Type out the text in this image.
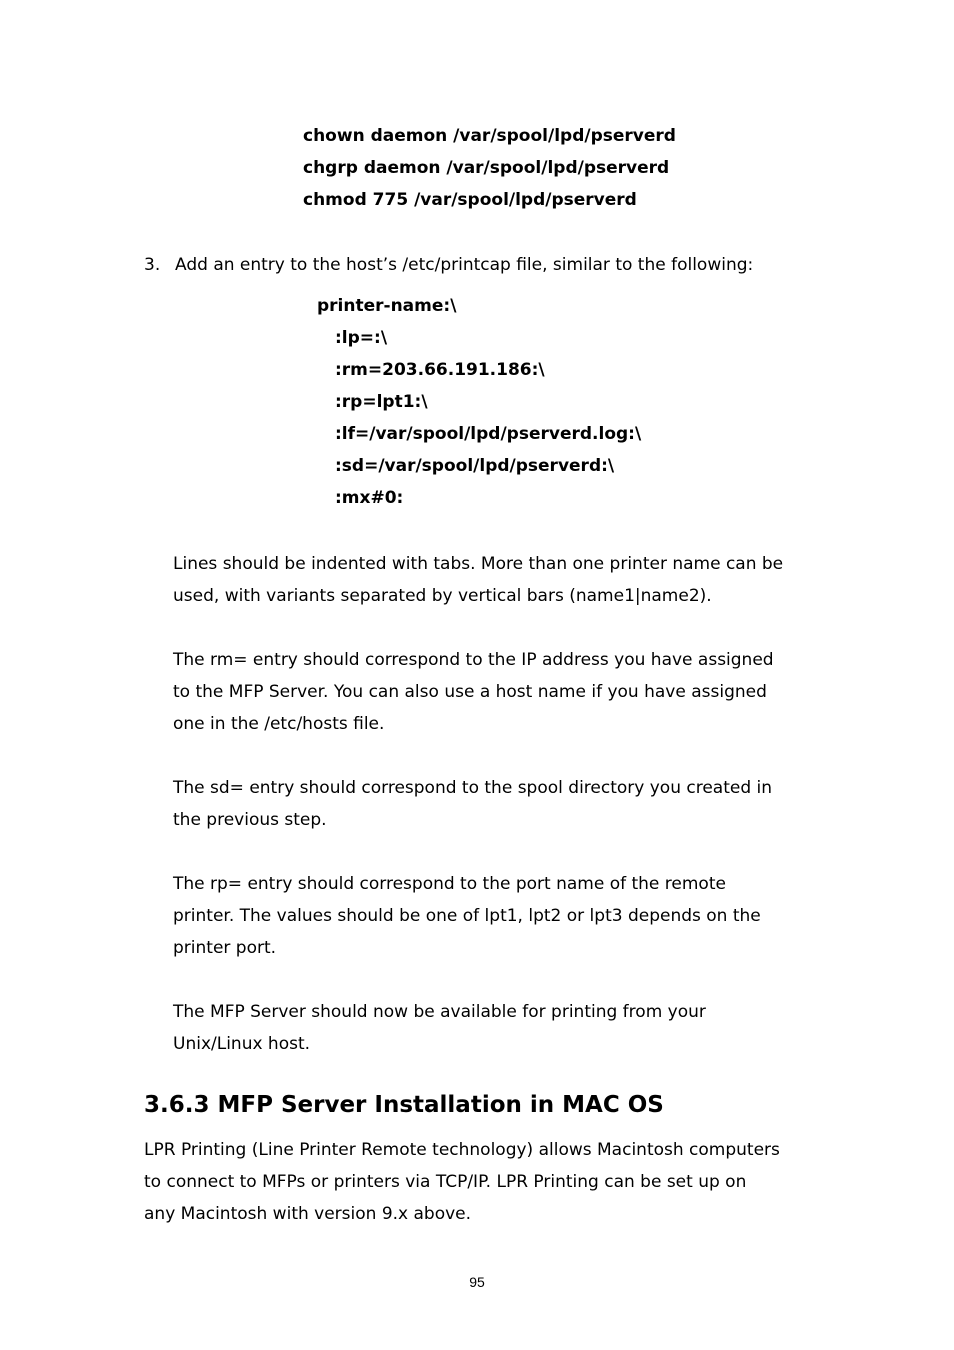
chown daemon /var/spool/lpd/pserverd
chgrp daemon /var/spool/lpd/pserverd
chmod 775 /var/spool/lpd/pserverd
3. Add an entry to the host’s /etc/printcap file, similar to the following:
printer-name:\
:lp=:\
:rm=203.66.191.186:\
:rp=lpt1:\
:lf=/var/spool/lpd/pserverd.log:\
:sd=/var/spool/lpd/pserverd:\
:mx#0:
Lines should be indented with tabs. More than one printer name can be
used, with variants separated by vertical bars (name1|name2).
The rm= entry should correspond to the IP address you have assigned
to the MFP Server. You can also use a host name if you have assigned
one in the /etc/hosts file.
The sd= entry should correspond to the spool directory you created in
the previous step.
The rp= entry should correspond to the port name of the remote
printer. The values should be one of lpt1, lpt2 or lpt3 depends on the
printer port.
The MFP Server should now be available for printing from your
Unix/Linux host.
3.6.3 MFP Server Installation in MAC OS
LPR Printing (Line Printer Remote technology) allows Macintosh computers
to connect to MFPs or printers via TCP/IP. LPR Printing can be set up on
any Macintosh with version 9.x above.
95
